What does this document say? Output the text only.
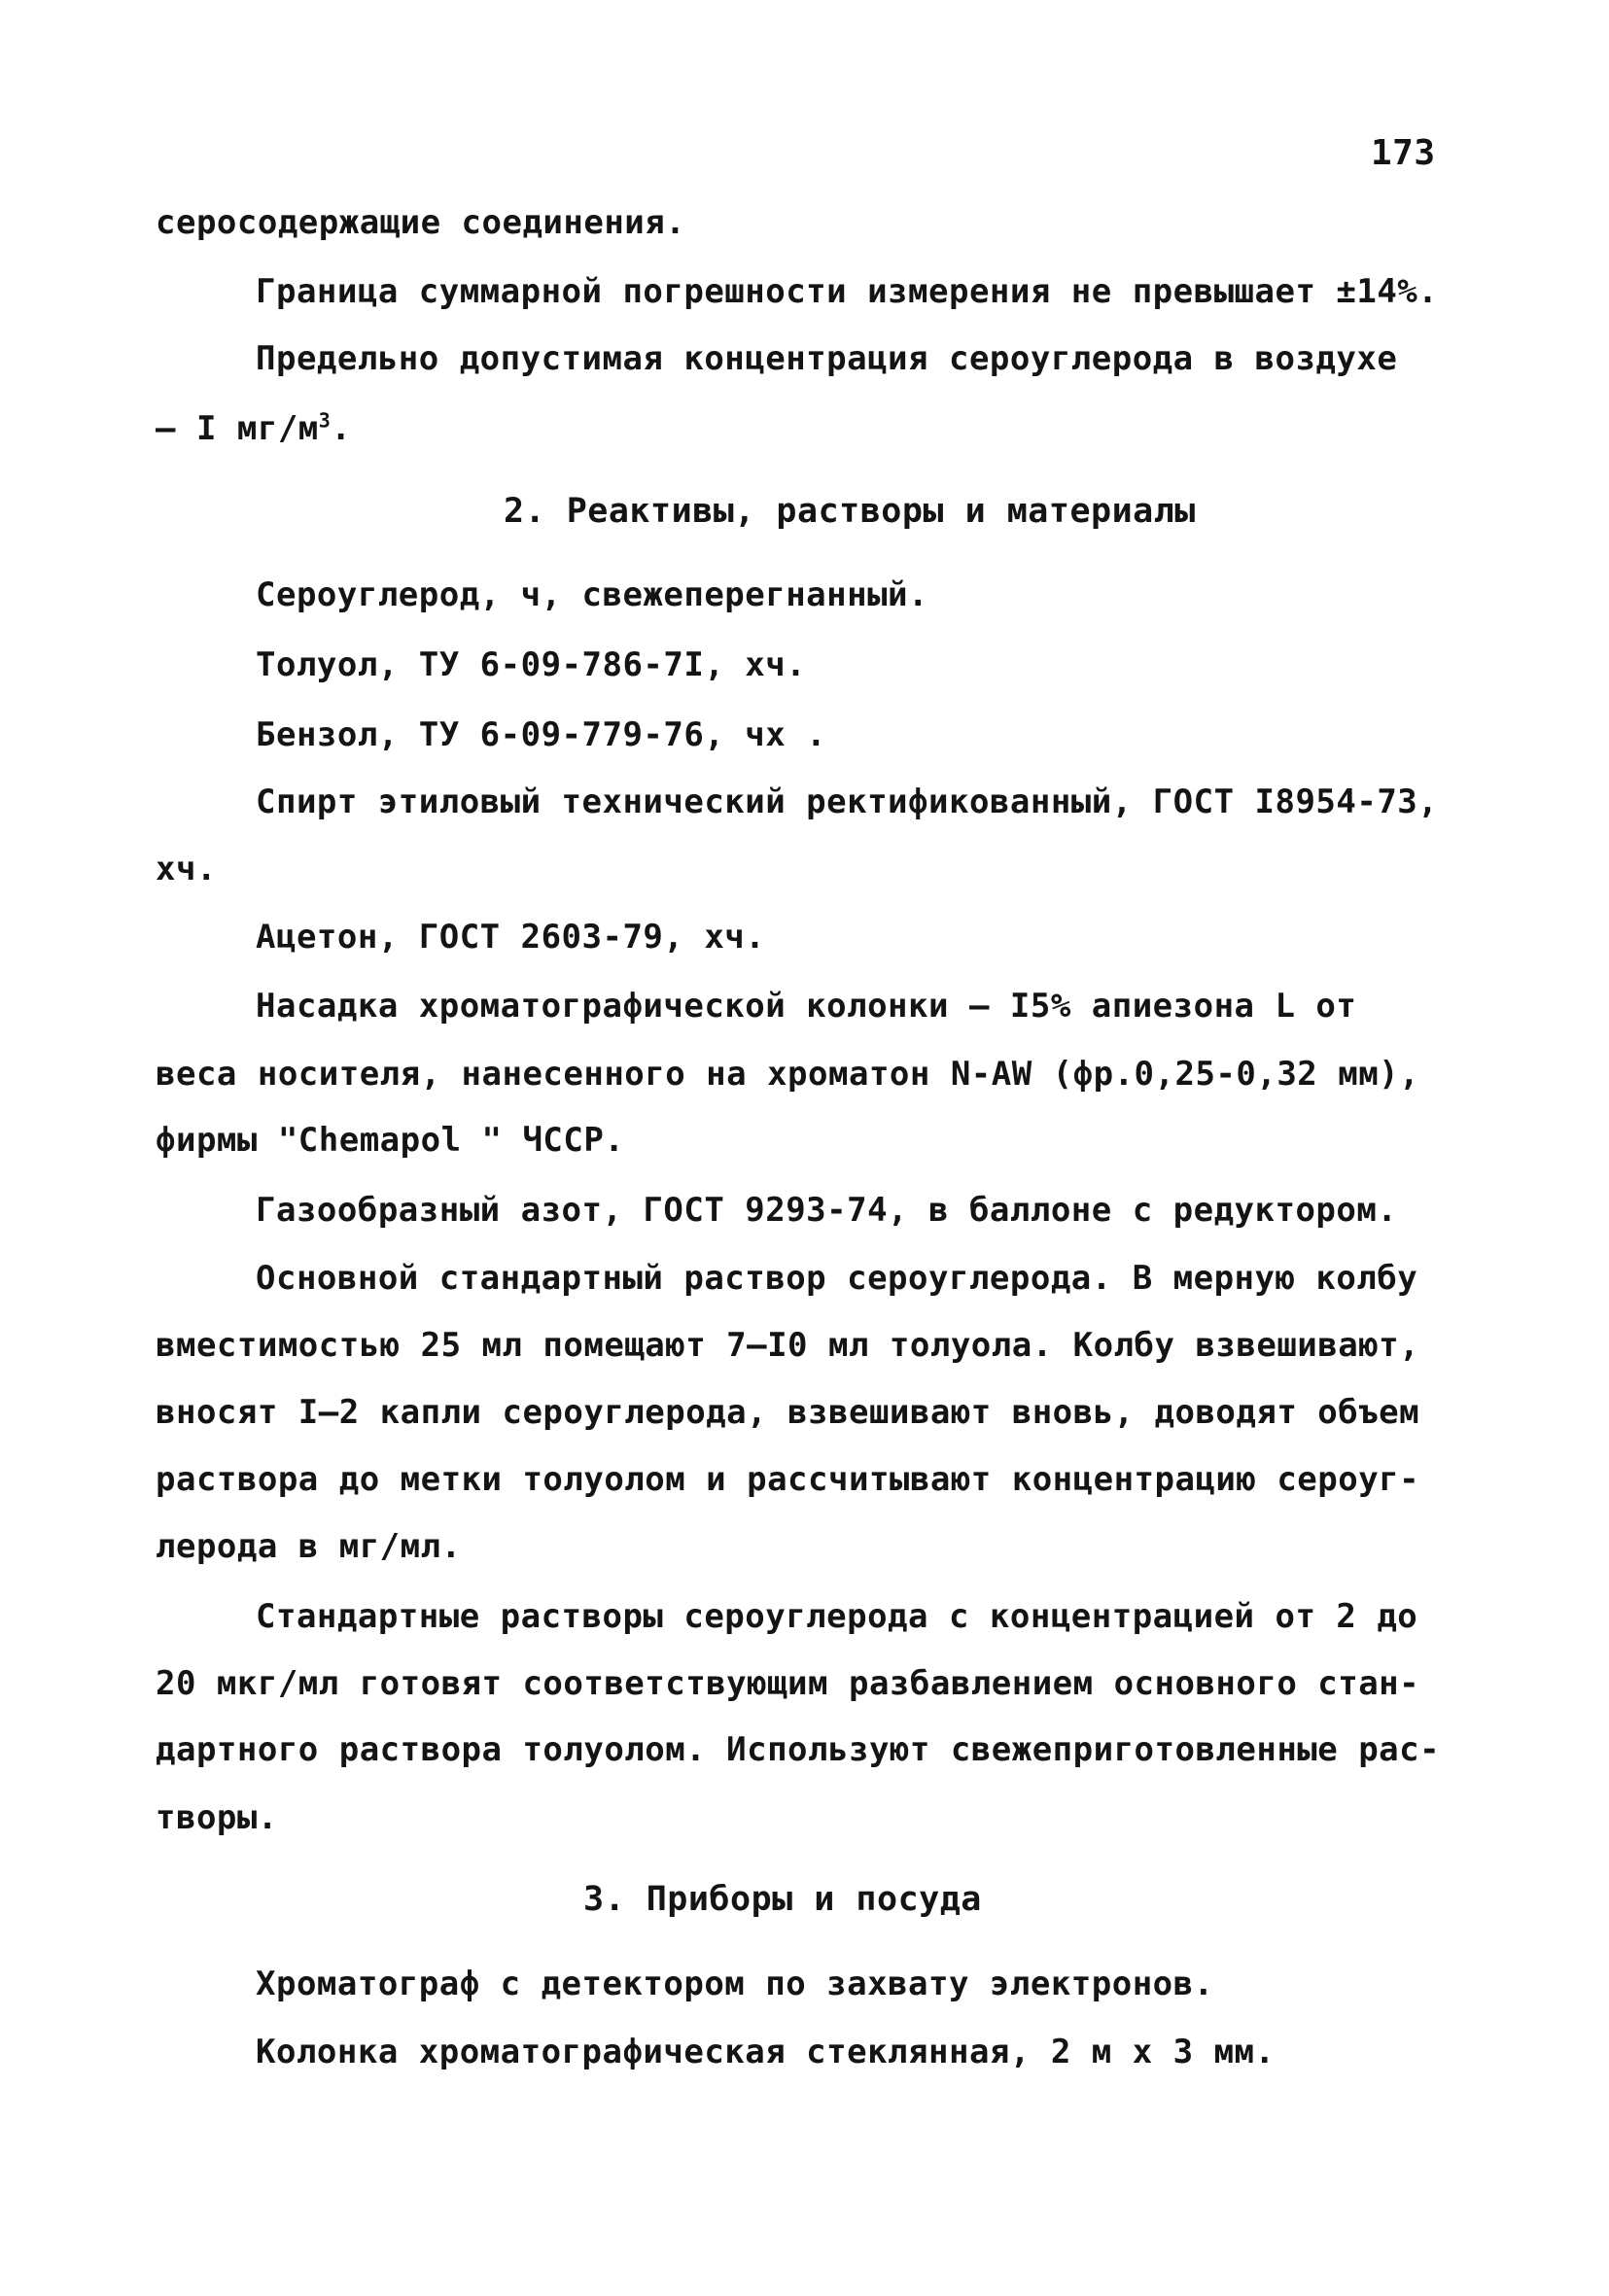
173
серосодержащие соединения.
Граница суммарной погрешности измерения не превышает ±14%.
Предельно допустимая концентрация сероуглерода в воздухе
– I $мг/м^3$.
2. Реактивы, растворы и материалы
Сероуглерод, ч, свежеперегнанный.
Толуол, ТУ 6-09-786-7I, хч.
Бензол, ТУ 6-09-779-76, чх .
Спирт этиловый технический ректификованный, ГОСТ I8954-73,
хч.
Ацетон, ГОСТ 2603-79, хч.
Насадка хроматографической колонки – I5% апиезона L от
веса носителя, нанесенного на хроматон N-AW (фр.0,25-0,32 мм),
фирмы "Chemapol " ЧССР.
Газообразный азот, ГОСТ 9293-74, в баллоне с редуктором.
Основной стандартный раствор сероуглерода. В мерную колбу
вместимостью 25 мл помещают 7–I0 мл толуола. Колбу взвешивают,
вносят I–2 капли сероуглерода, взвешивают вновь, доводят объем
раствора до метки толуолом и рассчитывают концентрацию сероуг-
лерода в мг/мл.
Стандартные растворы сероуглерода с концентрацией от 2 до
20 мкг/мл готовят соответствующим разбавлением основного стан-
дартного раствора толуолом. Используют свежеприготовленные рас-
творы.
3. Приборы и посуда
Хроматограф с детектором по захвату электронов.
Колонка хроматографическая стеклянная, 2 м х 3 мм.
